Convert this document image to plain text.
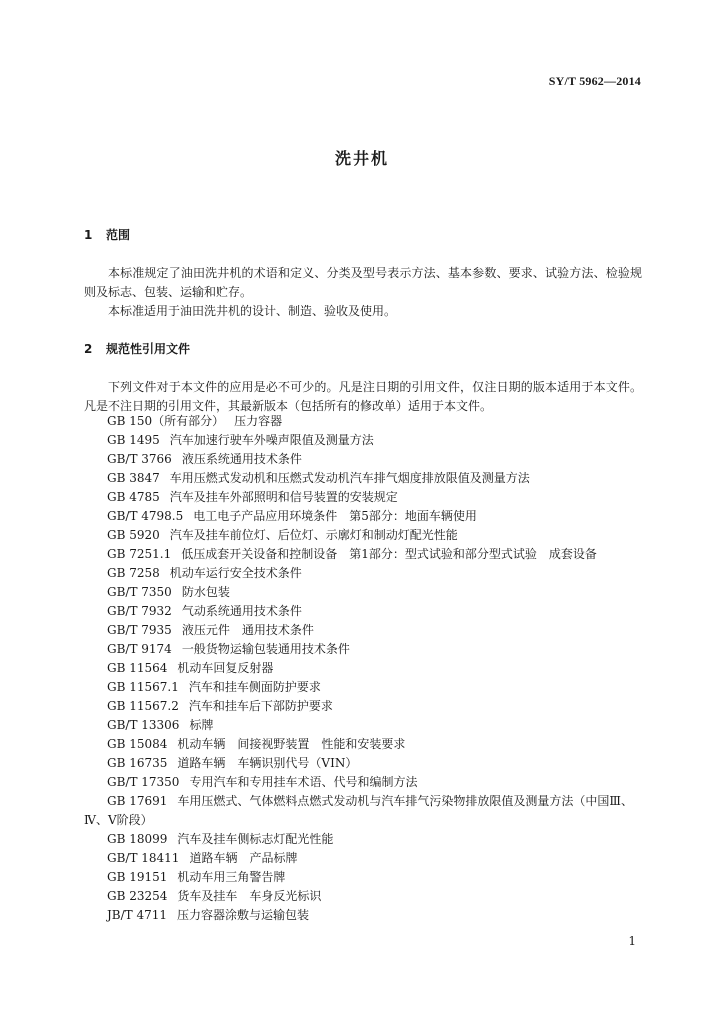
SY/T 5962—2014
洗井机
1 范围
本标准规定了油田洗井机的术语和定义、分类及型号表示方法、基本参数、要求、试验方法、检验规则及标志、包装、运输和贮存。
本标准适用于油田洗井机的设计、制造、验收及使用。
2 规范性引用文件
下列文件对于本文件的应用是必不可少的。凡是注日期的引用文件，仅注日期的版本适用于本文件。凡是不注日期的引用文件，其最新版本（包括所有的修改单）适用于本文件。
GB 150（所有部分） 压力容器
GB 1495 汽车加速行驶车外噪声限值及测量方法
GB/T 3766 液压系统通用技术条件
GB 3847 车用压燃式发动机和压燃式发动机汽车排气烟度排放限值及测量方法
GB 4785 汽车及挂车外部照明和信号装置的安装规定
GB/T 4798.5 电工电子产品应用环境条件　第5部分：地面车辆使用
GB 5920 汽车及挂车前位灯、后位灯、示廓灯和制动灯配光性能
GB 7251.1 低压成套开关设备和控制设备　第1部分：型式试验和部分型式试验　成套设备
GB 7258 机动车运行安全技术条件
GB/T 7350 防水包装
GB/T 7932 气动系统通用技术条件
GB/T 7935 液压元件　通用技术条件
GB/T 9174 一般货物运输包装通用技术条件
GB 11564 机动车回复反射器
GB 11567.1 汽车和挂车侧面防护要求
GB 11567.2 汽车和挂车后下部防护要求
GB/T 13306 标牌
GB 15084 机动车辆　间接视野装置　性能和安装要求
GB 16735 道路车辆　车辆识别代号（VIN）
GB/T 17350 专用汽车和专用挂车术语、代号和编制方法
GB 17691 车用压燃式、气体燃料点燃式发动机与汽车排气污染物排放限值及测量方法（中国Ⅲ、Ⅳ、Ⅴ阶段）
GB 18099 汽车及挂车侧标志灯配光性能
GB/T 18411 道路车辆　产品标牌
GB 19151 机动车用三角警告牌
GB 23254 货车及挂车　车身反光标识
JB/T 4711 压力容器涂敷与运输包装
1
